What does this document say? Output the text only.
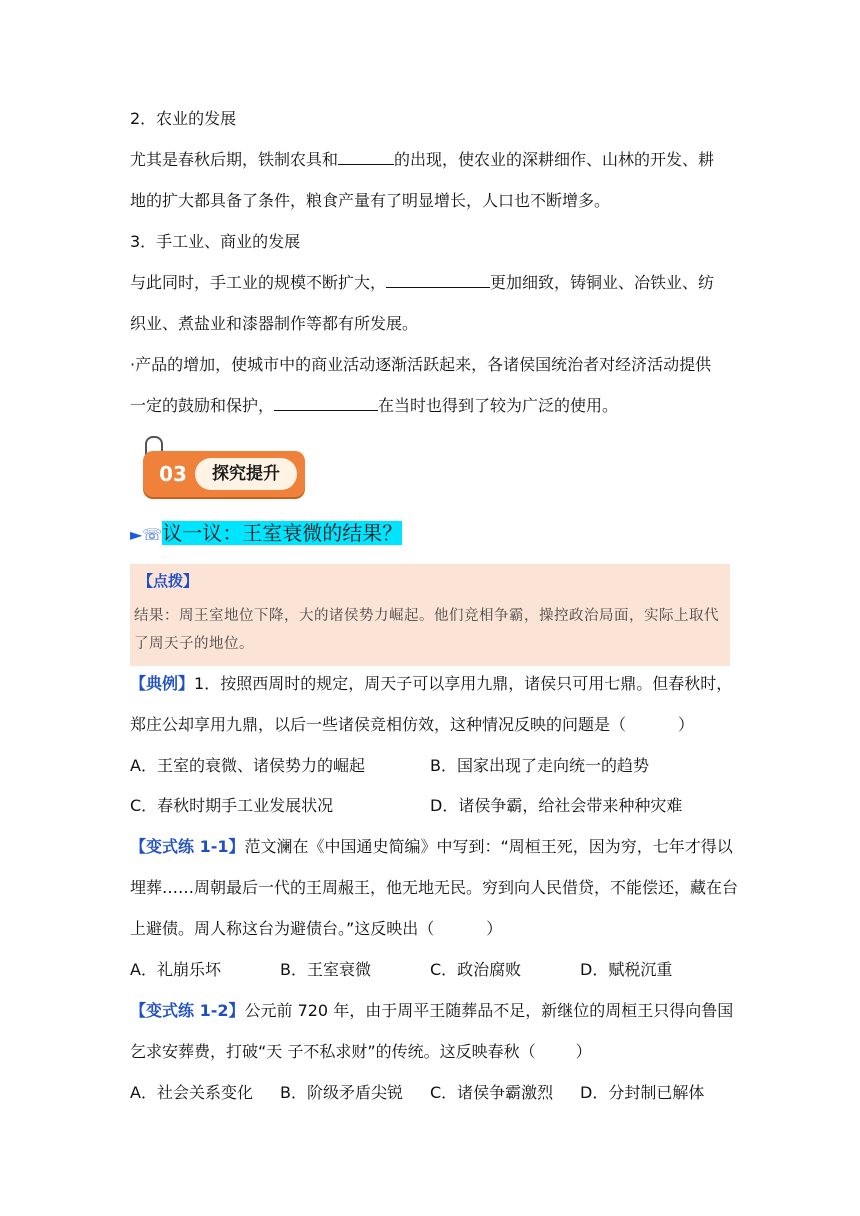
2．农业的发展
尤其是春秋后期，铁制农具和	的出现，使农业的深耕细作、山林的开发、耕
地的扩大都具备了条件，粮食产量有了明显增长，人口也不断增多。
3．手工业、商业的发展
与此同时，手工业的规模不断扩大，	更加细致，铸铜业、冶铁业、纺
织业、煮盐业和漆器制作等都有所发展。
·产品的增加，使城市中的商业活动逐渐活跃起来，各诸侯国统治者对经济活动提供
一定的鼓励和保护，	在当时也得到了较为广泛的使用。
03	探究提升
►☏议一议：王室衰微的结果？
【点拨】
结果：周王室地位下降，大的诸侯势力崛起。他们竞相争霸，操控政治局面，实际上取代了周天子的地位。
【典例】1．按照西周时的规定，周天子可以享用九鼎，诸侯只可用七鼎。但春秋时，
郑庄公却享用九鼎，以后一些诸侯竞相仿效，这种情况反映的问题是（	）
A．王室的衰微、诸侯势力的崛起	B．国家出现了走向统一的趋势
C．春秋时期手工业发展状况	D．诸侯争霸，给社会带来种种灾难
【变式练 1-1】范文澜在《中国通史简编》中写到：“周桓王死，因为穷，七年才得以
埋葬……周朝最后一代的王周赧王，他无地无民。穷到向人民借贷，不能偿还，藏在台
上避债。周人称这台为避债台。”这反映出（	）
A．礼崩乐坏	B．王室衰微	C．政治腐败	D．赋税沉重
【变式练 1-2】公元前 720 年，由于周平王随葬品不足，新继位的周桓王只得向鲁国
乞求安葬费，打破“天 子不私求财”的传统。这反映春秋（	）
A．社会关系变化 B．阶级矛盾尖锐 C．诸侯争霸激烈 D．分封制已解体
